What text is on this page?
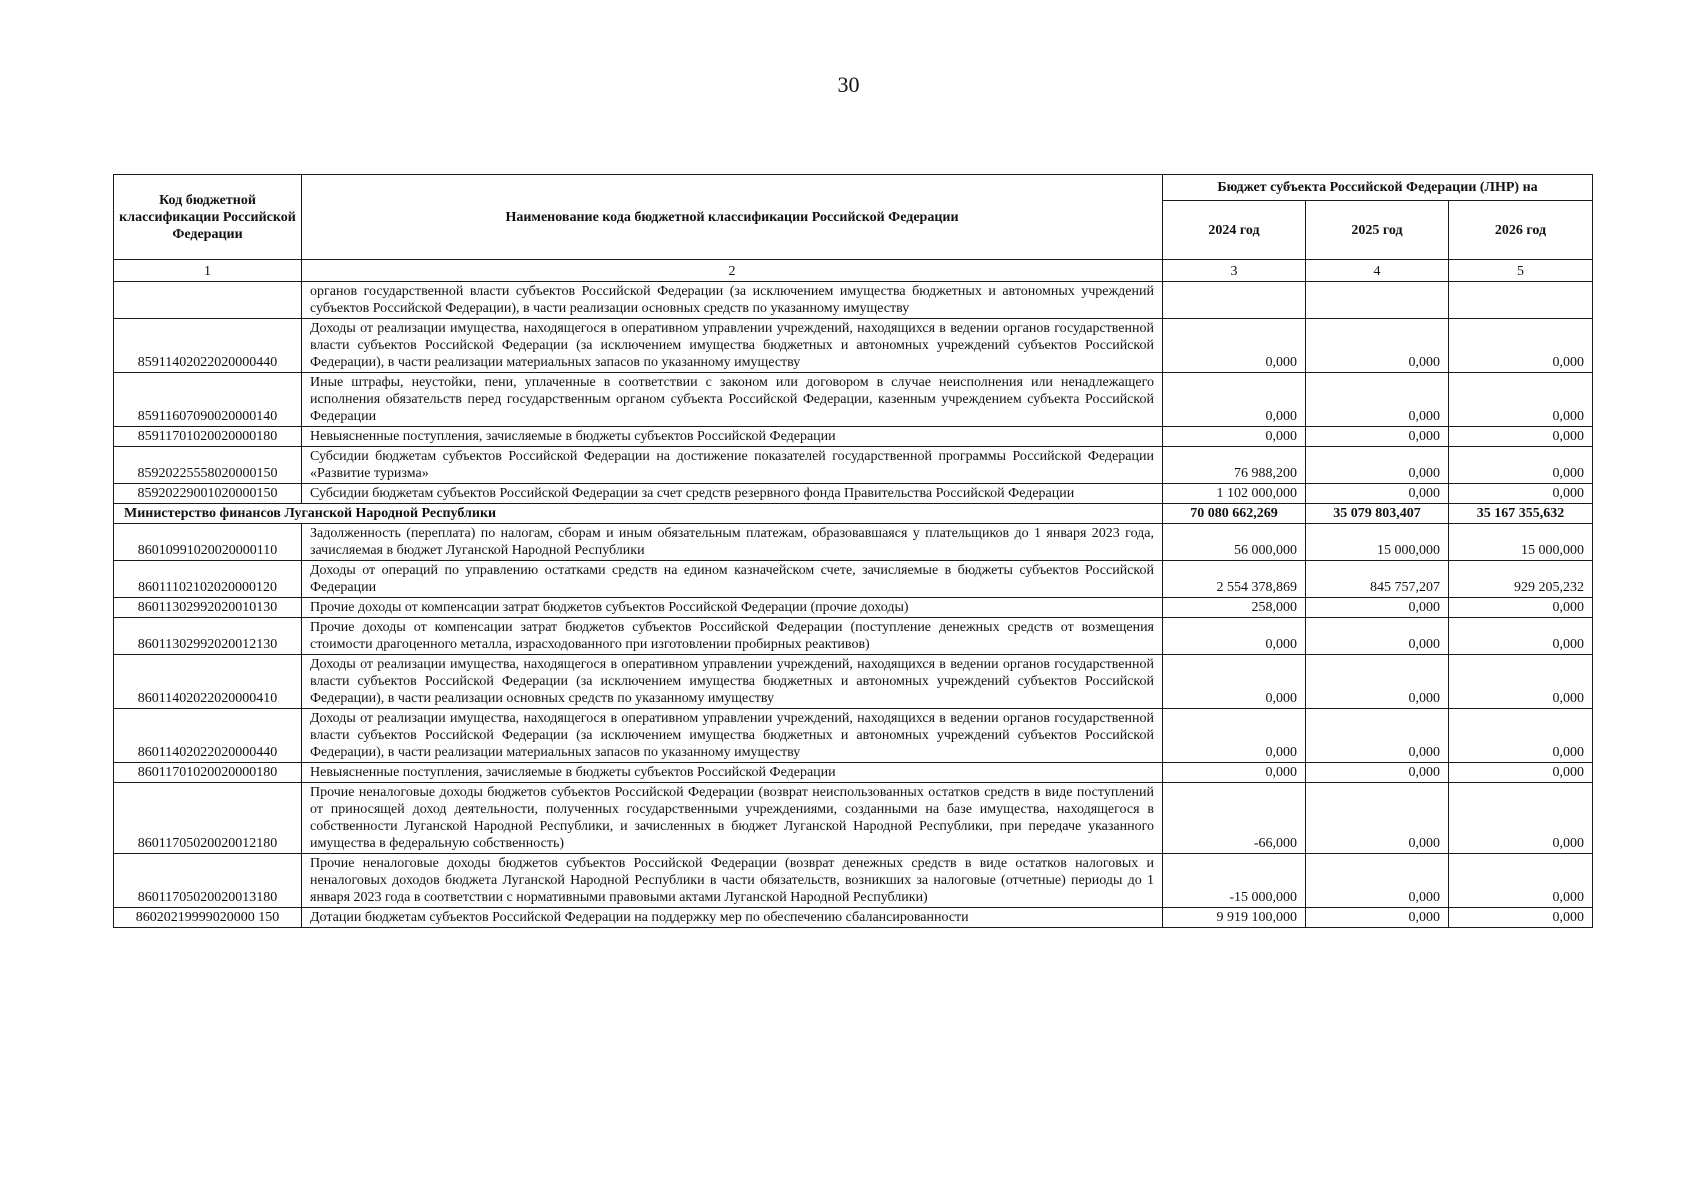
30
Код бюджетной классификации Российской Федерации	Наименование кода бюджетной классификации Российской Федерации	Бюджет субъекта Российской Федерации (ЛНР) на		
		2024 год	2025 год	2026 год
1	2	3	4	5
	органов государственной власти субъектов Российской Федерации (за исключением имущества бюджетных и автономных учреждений субъектов Российской Федерации), в части реализации основных средств по указанному имуществу			
85911402022020000440	Доходы от реализации имущества, находящегося в оперативном управлении учреждений, находящихся в ведении органов государственной власти субъектов Российской Федерации (за исключением имущества бюджетных и автономных учреждений субъектов Российской Федерации), в части реализации материальных запасов по указанному имуществу	0,000	0,000	0,000
85911607090020000140	Иные штрафы, неустойки, пени, уплаченные в соответствии с законом или договором в случае неисполнения или ненадлежащего исполнения обязательств перед государственным органом субъекта Российской Федерации, казенным учреждением субъекта Российской Федерации	0,000	0,000	0,000
85911701020020000180	Невыясненные поступления, зачисляемые в бюджеты субъектов Российской Федерации	0,000	0,000	0,000
85920225558020000150	Субсидии бюджетам субъектов Российской Федерации на достижение показателей государственной программы Российской Федерации «Развитие туризма»	76 988,200	0,000	0,000
85920229001020000150	Субсидии бюджетам субъектов Российской Федерации за счет средств резервного фонда Правительства Российской Федерации	1 102 000,000	0,000	0,000
Министерство финансов Луганской Народной Республики		70 080 662,269	35 079 803,407	35 167 355,632
86010991020020000110	Задолженность (переплата) по налогам, сборам и иным обязательным платежам, образовавшаяся у плательщиков до 1 января 2023 года, зачисляемая в бюджет Луганской Народной Республики	56 000,000	15 000,000	15 000,000
86011102102020000120	Доходы от операций по управлению остатками средств на едином казначейском счете, зачисляемые в бюджеты субъектов Российской Федерации	2 554 378,869	845 757,207	929 205,232
86011302992020010130	Прочие доходы от компенсации затрат бюджетов субъектов Российской Федерации (прочие доходы)	258,000	0,000	0,000
86011302992020012130	Прочие доходы от компенсации затрат бюджетов субъектов Российской Федерации (поступление денежных средств от возмещения стоимости драгоценного металла, израсходованного при изготовлении пробирных реактивов)	0,000	0,000	0,000
86011402022020000410	Доходы от реализации имущества, находящегося в оперативном управлении учреждений, находящихся в ведении органов государственной власти субъектов Российской Федерации (за исключением имущества бюджетных и автономных учреждений субъектов Российской Федерации), в части реализации основных средств по указанному имуществу	0,000	0,000	0,000
86011402022020000440	Доходы от реализации имущества, находящегося в оперативном управлении учреждений, находящихся в ведении органов государственной власти субъектов Российской Федерации (за исключением имущества бюджетных и автономных учреждений субъектов Российской Федерации), в части реализации материальных запасов по указанному имуществу	0,000	0,000	0,000
86011701020020000180	Невыясненные поступления, зачисляемые в бюджеты субъектов Российской Федерации	0,000	0,000	0,000
86011705020020012180	Прочие неналоговые доходы бюджетов субъектов Российской Федерации (возврат неиспользованных остатков средств в виде поступлений от приносящей доход деятельности, полученных государственными учреждениями, созданными на базе имущества, находящегося в собственности Луганской Народной Республики, и зачисленных в бюджет Луганской Народной Республики, при передаче указанного имущества в федеральную собственность)	-66,000	0,000	0,000
86011705020020013180	Прочие неналоговые доходы бюджетов субъектов Российской Федерации (возврат денежных средств в виде остатков налоговых и неналоговых доходов бюджета Луганской Народной Республики в части обязательств, возникших за налоговые (отчетные) периоды до 1 января 2023 года в соответствии с нормативными правовыми актами Луганской Народной Республики)	-15 000,000	0,000	0,000
86020219999020000 150	Дотации бюджетам субъектов Российской Федерации на поддержку мер по обеспечению сбалансированности	9 919 100,000	0,000	0,000
